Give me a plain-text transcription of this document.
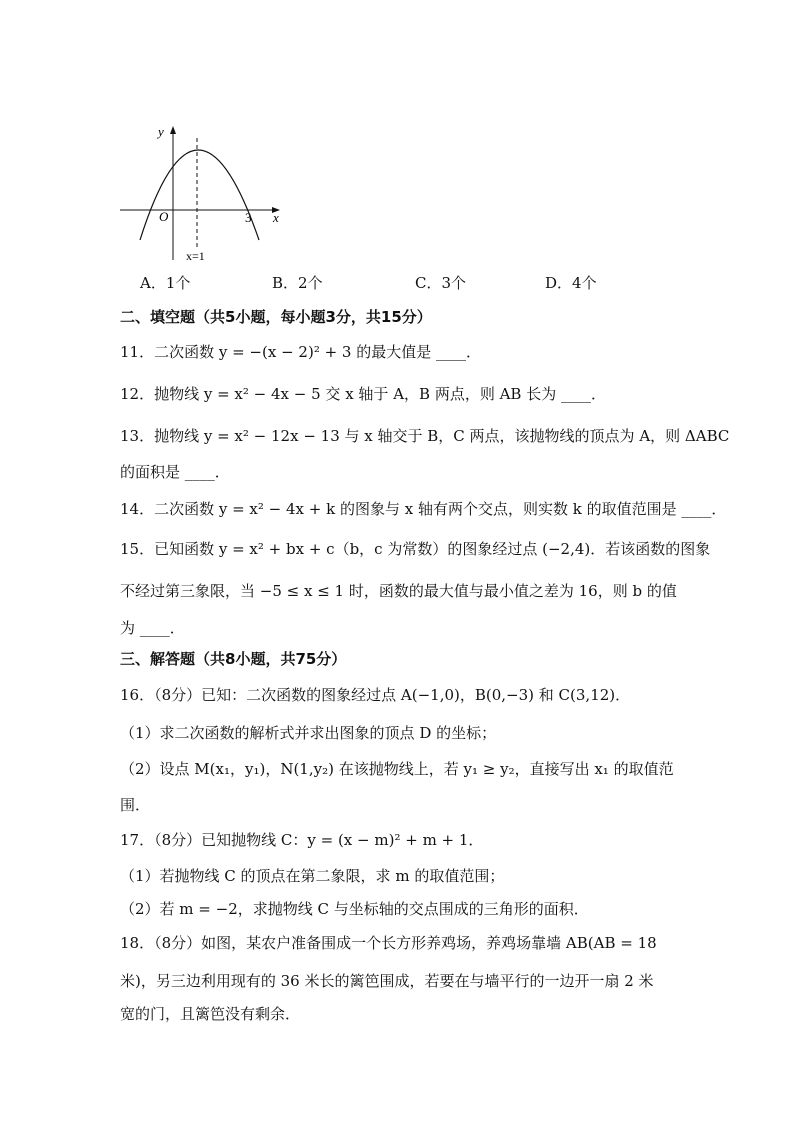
y
x
O	3
x=1
A．1个	B．2个	C．3个	D．4个
二、填空题（共5小题，每小题3分，共15分）
11．二次函数 y = −(x − 2)² + 3 的最大值是 ____．
12．抛物线 y = x² − 4x − 5 交 x 轴于 A，B 两点，则 AB 长为 ____．
13．抛物线 y = x² − 12x − 13 与 x 轴交于 B，C 两点，该抛物线的顶点为 A，则 ΔABC
的面积是 ____．
14．二次函数 y = x² − 4x + k 的图象与 x 轴有两个交点，则实数 k 的取值范围是 ____．
15．已知函数 y = x² + bx + c（b，c 为常数）的图象经过点 (−2,4)．若该函数的图象
不经过第三象限，当 −5 ≤ x ≤ 1 时，函数的最大值与最小值之差为 16，则 b 的值
为 ____．
三、解答题（共8小题，共75分）
16．（8分）已知：二次函数的图象经过点 A(−1,0)，B(0,−3) 和 C(3,12)．
（1）求二次函数的解析式并求出图象的顶点 D 的坐标；
（2）设点 M(x₁，y₁)，N(1,y₂) 在该抛物线上，若 y₁ ≥ y₂，直接写出 x₁ 的取值范
围．
17．（8分）已知抛物线 C：y = (x − m)² + m + 1．
（1）若抛物线 C 的顶点在第二象限，求 m 的取值范围；
（2）若 m = −2，求抛物线 C 与坐标轴的交点围成的三角形的面积．
18．（8分）如图，某农户准备围成一个长方形养鸡场，养鸡场靠墙 AB(AB = 18
米)，另三边利用现有的 36 米长的篱笆围成，若要在与墙平行的一边开一扇 2 米
宽的门，且篱笆没有剩余．
